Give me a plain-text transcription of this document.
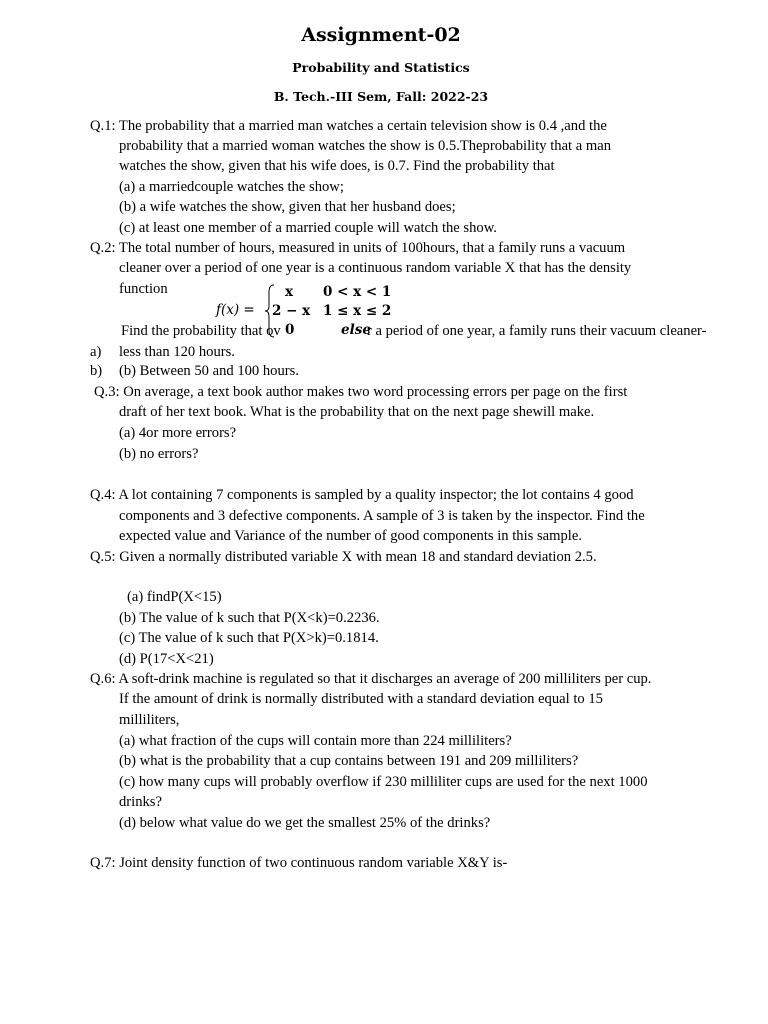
Assignment-02
Probability and Statistics
B. Tech.-III Sem, Fall: 2022-23
Q.1: The probability that a married man watches a certain television show is 0.4 ,and the
probability that a married woman watches the show is 0.5.Theprobability that a man
watches the show, given that his wife does, is 0.7. Find the probability that
(a) a marriedcouple watches the show;
(b) a wife watches the show, given that her husband does;
(c) at least one member of a married couple will watch the show.
Q.2: The total number of hours, measured in units of 100hours, that a family runs a vacuum
cleaner over a period of one year is a continuous random variable X that has the density
function
f(x) =
x 0 < x < 1
2 − x 1 ≤ x ≤ 2
0	else
Find the probability that ov	r a period of one year, a family runs their vacuum cleaner-
a) less than 120 hours.
b) (b) Between 50 and 100 hours.
Q.3: On average, a text book author makes two word processing errors per page on the first
draft of her text book. What is the probability that on the next page shewill make.
(a) 4or more errors?
(b) no errors?
Q.4: A lot containing 7 components is sampled by a quality inspector; the lot contains 4 good
components and 3 defective components. A sample of 3 is taken by the inspector. Find the
expected value and Variance of the number of good components in this sample.
Q.5: Given a normally distributed variable X with mean 18 and standard deviation 2.5.
(a) findP(X<15)
(b) The value of k such that P(X<k)=0.2236.
(c) The value of k such that P(X>k)=0.1814.
(d) P(17<X<21)
Q.6: A soft-drink machine is regulated so that it discharges an average of 200 milliliters per cup.
If the amount of drink is normally distributed with a standard deviation equal to 15
milliliters,
(a) what fraction of the cups will contain more than 224 milliliters?
(b) what is the probability that a cup contains between 191 and 209 milliliters?
(c) how many cups will probably overflow if 230 milliliter cups are used for the next 1000
drinks?
(d) below what value do we get the smallest 25% of the drinks?
Q.7: Joint density function of two continuous random variable X&Y is-
